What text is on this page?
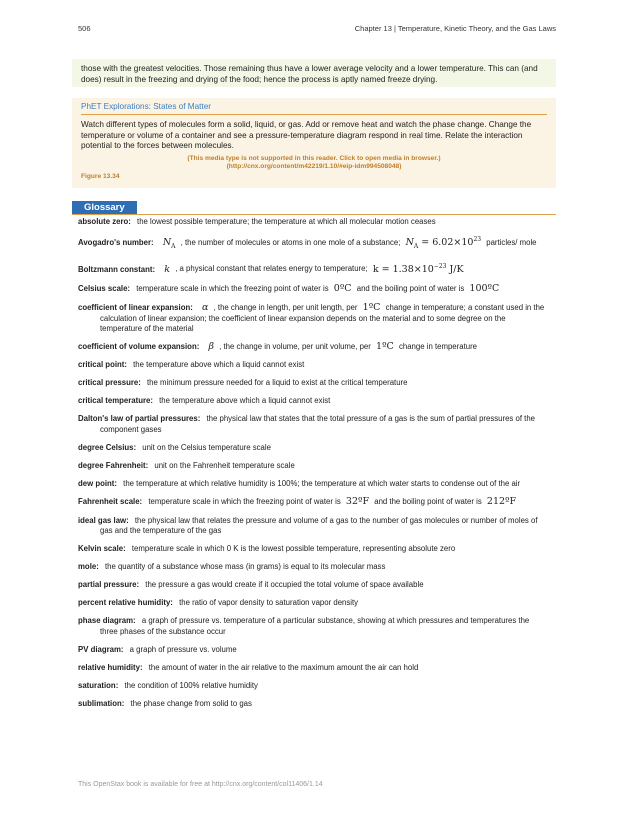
506	Chapter 13 | Temperature, Kinetic Theory, and the Gas Laws
those with the greatest velocities. Those remaining thus have a lower average velocity and a lower temperature. This can (and does) result in the freezing and drying of the food; hence the process is aptly named freeze drying.
PhET Explorations: States of Matter
Watch different types of molecules form a solid, liquid, or gas. Add or remove heat and watch the phase change. Change the temperature or volume of a container and see a pressure-temperature diagram respond in real time. Relate the interaction potential to the forces between molecules.
(This media type is not supported in this reader. Click to open media in browser.) (http://cnx.org/content/m42219/1.10/#eip-idm994508048)
Figure 13.34
Glossary
absolute zero: the lowest possible temperature; the temperature at which all molecular motion ceases
Avogadro's number: $N_A$ , the number of molecules or atoms in one mole of a substance; $N_A = 6.02\times 10^{23}$ particles/ mole
Boltzmann constant: k , a physical constant that relates energy to temperature; $k = 1.38\times 10^{-23}$ J/K
Celsius scale: temperature scale in which the freezing point of water is 0ºC and the boiling point of water is 100ºC
coefficient of linear expansion: α , the change in length, per unit length, per 1ºC change in temperature; a constant used in the calculation of linear expansion; the coefficient of linear expansion depends on the material and to some degree on the temperature of the material
coefficient of volume expansion: β , the change in volume, per unit volume, per 1ºC change in temperature
critical point: the temperature above which a liquid cannot exist
critical pressure: the minimum pressure needed for a liquid to exist at the critical temperature
critical temperature: the temperature above which a liquid cannot exist
Dalton's law of partial pressures: the physical law that states that the total pressure of a gas is the sum of partial pressures of the component gases
degree Celsius: unit on the Celsius temperature scale
degree Fahrenheit: unit on the Fahrenheit temperature scale
dew point: the temperature at which relative humidity is 100%; the temperature at which water starts to condense out of the air
Fahrenheit scale: temperature scale in which the freezing point of water is 32ºF and the boiling point of water is 212ºF
ideal gas law: the physical law that relates the pressure and volume of a gas to the number of gas molecules or number of moles of gas and the temperature of the gas
Kelvin scale: temperature scale in which 0 K is the lowest possible temperature, representing absolute zero
mole: the quantity of a substance whose mass (in grams) is equal to its molecular mass
partial pressure: the pressure a gas would create if it occupied the total volume of space available
percent relative humidity: the ratio of vapor density to saturation vapor density
phase diagram: a graph of pressure vs. temperature of a particular substance, showing at which pressures and temperatures the three phases of the substance occur
PV diagram: a graph of pressure vs. volume
relative humidity: the amount of water in the air relative to the maximum amount the air can hold
saturation: the condition of 100% relative humidity
sublimation: the phase change from solid to gas
This OpenStax book is available for free at http://cnx.org/content/col11406/1.14
